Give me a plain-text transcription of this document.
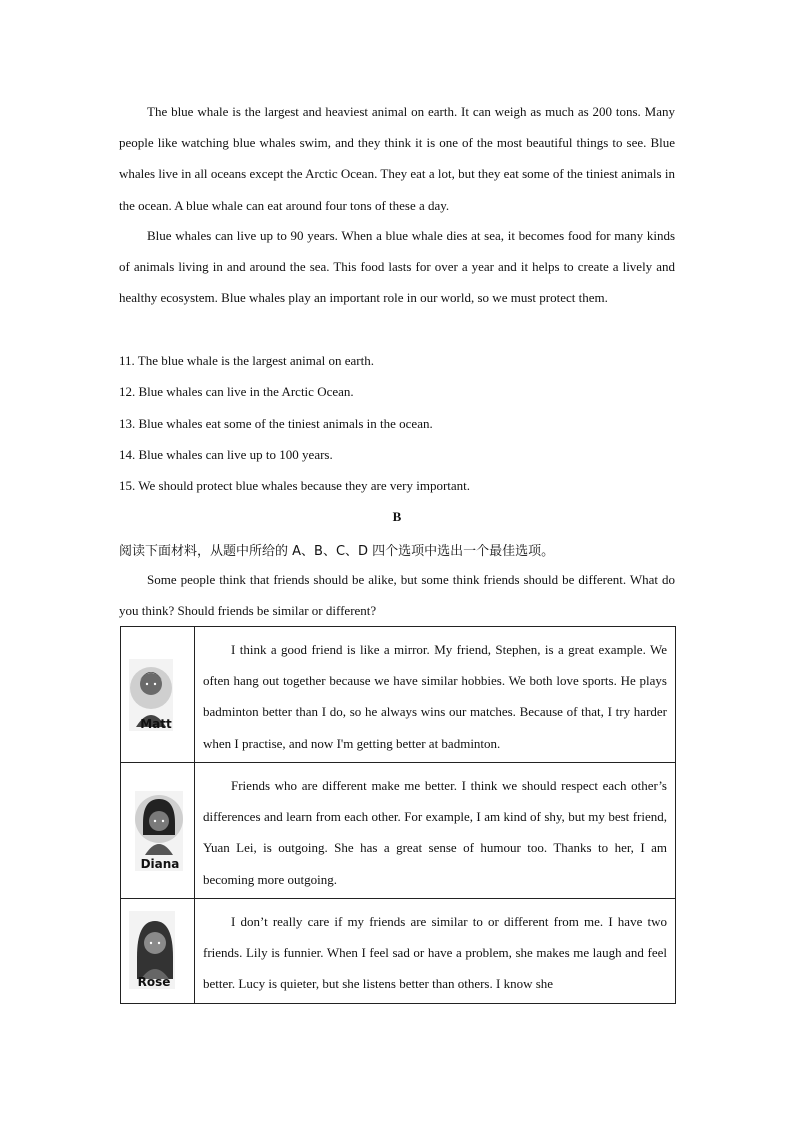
The blue whale is the largest and heaviest animal on earth. It can weigh as much as 200 tons. Many people like watching blue whales swim, and they think it is one of the most beautiful things to see. Blue whales live in all oceans except the Arctic Ocean. They eat a lot, but they eat some of the tiniest animals in the ocean. A blue whale can eat around four tons of these a day.

Blue whales can live up to 90 years. When a blue whale dies at sea, it becomes food for many kinds of animals living in and around the sea. This food lasts for over a year and it helps to create a lively and healthy ecosystem. Blue whales play an important role in our world, so we must protect them.

11. The blue whale is the largest animal on earth.
12. Blue whales can live in the Arctic Ocean.
13. Blue whales eat some of the tiniest animals in the ocean.
14. Blue whales can live up to 100 years.
15. We should protect blue whales because they are very important.
B
阅读下面材料，从题中所给的 A、B、C、D 四个选项中选出一个最佳选项。

Some people think that friends should be alike, but some think friends should be different. What do you think? Should friends be similar or different?

Matt	I think a good friend is like a mirror. My friend, Stephen, is a great example. We often hang out together because we have similar hobbies. We both love sports. He plays badminton better than I do, so he always wins our matches. Because of that, I try harder when I practise, and now I'm getting better at badminton.

Diana	Friends who are different make me better. I think we should respect each other’s differences and learn from each other. For example, I am kind of shy, but my best friend, Yuan Lei, is outgoing. She has a great sense of humour too. Thanks to her, I am becoming more outgoing.

Rose	I don’t really care if my friends are similar to or different from me. I have two friends. Lily is funnier. When I feel sad or have a problem, she makes me laugh and feel better. Lucy is quieter, but she listens better than others. I know she
